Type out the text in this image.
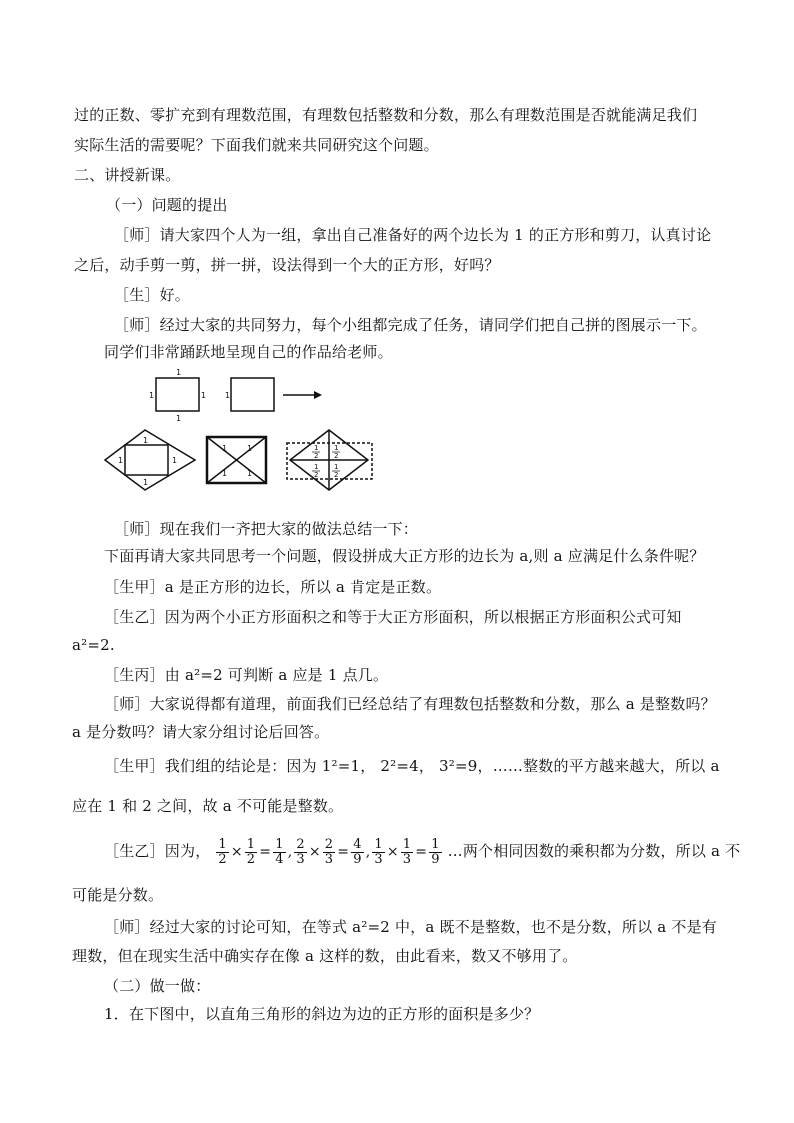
过的正数、零扩充到有理数范围，有理数包括整数和分数，那么有理数范围是否就能满足我们
实际生活的需要呢？下面我们就来共同研究这个问题。
二、讲授新课。
（一）问题的提出
［师］请大家四个人为一组，拿出自己准备好的两个边长为 1 的正方形和剪刀，认真讨论
之后，动手剪一剪，拼一拼，设法得到一个大的正方形，好吗？
［生］好。
［师］经过大家的共同努力，每个小组都完成了任务，请同学们把自己拼的图展示一下。
同学们非常踊跃地呈现自己的作品给老师。
1
1	1
1
1
1
1	1
1
1 1
1 1
1
2
1
2
1
2
1
2
［师］现在我们一齐把大家的做法总结一下：
下面再请大家共同思考一个问题，假设拼成大正方形的边长为 a,则 a 应满足什么条件呢？
［生甲］a 是正方形的边长，所以 a 肯定是正数。
［生乙］因为两个小正方形面积之和等于大正方形面积，所以根据正方形面积公式可知
a²=2.
［生丙］由 a²=2 可判断 a 应是 1 点几。
［师］大家说得都有道理，前面我们已经总结了有理数包括整数和分数，那么 a 是整数吗？
a 是分数吗？请大家分组讨论后回答。
［生甲］我们组的结论是：因为 1²=1， 2²=4， 3²=9，……整数的平方越来越大，所以 a
应在 1 和 2 之间，故 a 不可能是整数。
［生乙］因为， $\frac{1}{2} \times \frac{1}{2} = \frac{1}{4}$ , $\frac{2}{3} \times \frac{2}{3} = \frac{4}{9}$ , $\frac{1}{3} \times \frac{1}{3} = \frac{1}{9}$ …两个相同因数的乘积都为分数，所以 a 不
可能是分数。
［师］经过大家的讨论可知，在等式 a²=2 中，a 既不是整数，也不是分数，所以 a 不是有
理数，但在现实生活中确实存在像 a 这样的数，由此看来，数又不够用了。
（二）做一做：
1．在下图中，以直角三角形的斜边为边的正方形的面积是多少？
